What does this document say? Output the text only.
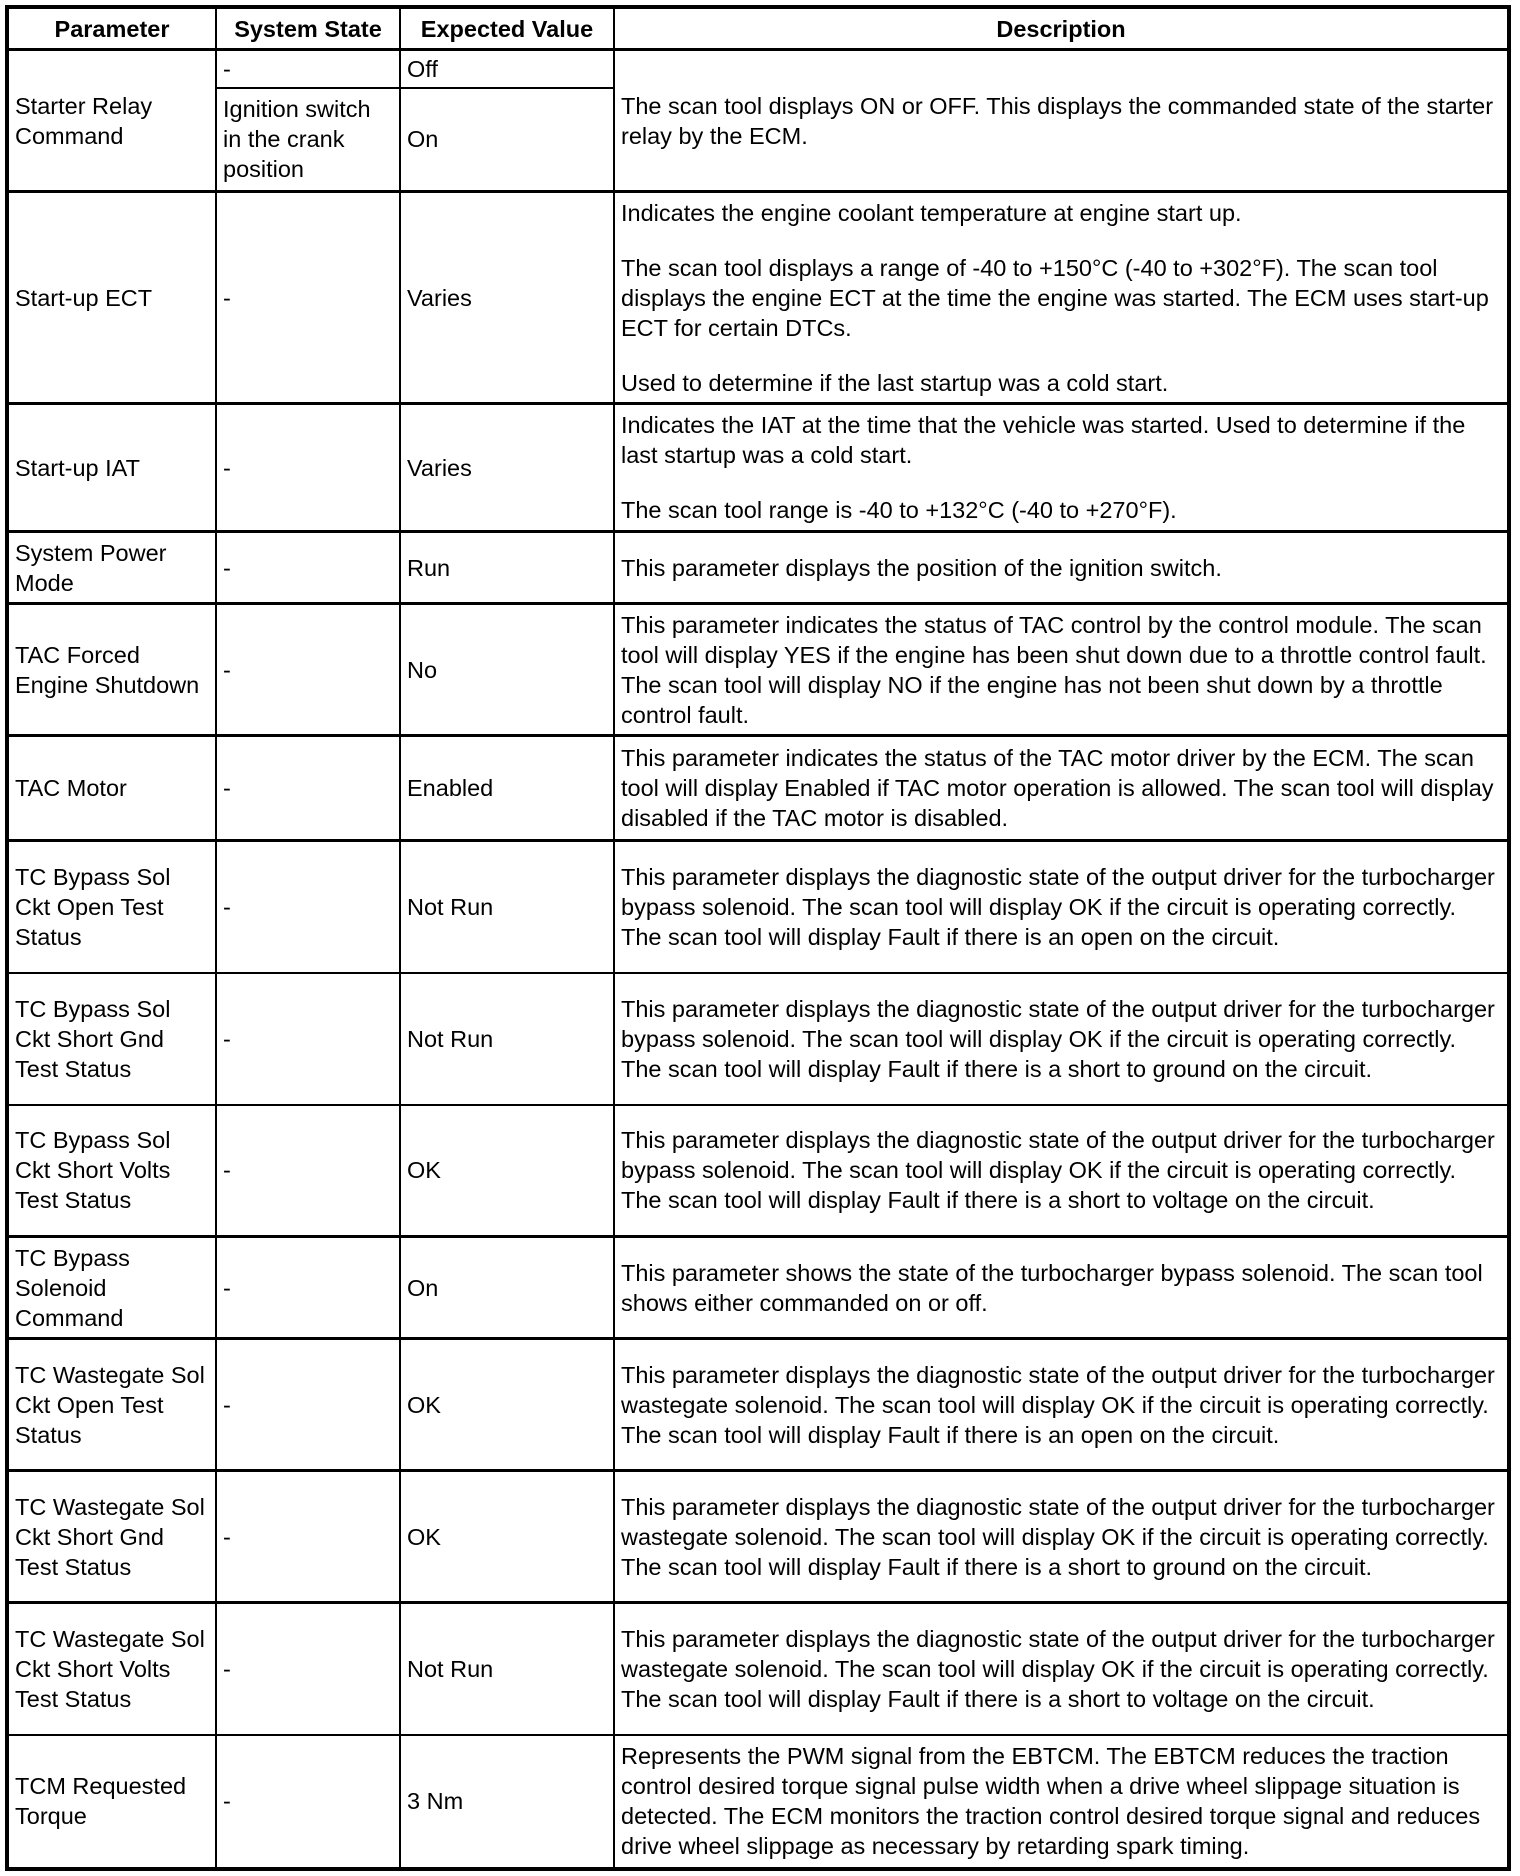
Parameter	System State	Expected Value	Description
Starter Relay Command	-	Off	The scan tool displays ON or OFF. This displays the commanded state of the starter relay by the ECM.

	Ignition switch in the crank position	On	
Start-up ECT	-	Varies	Indicates the engine coolant temperature at engine start up.

The scan tool displays a range of -40 to +150°C (-40 to +302°F). The scan tool displays the engine ECT at the time the engine was started. The ECM uses start-up ECT for certain DTCs.

Used to determine if the last startup was a cold start.

Start-up IAT	-	Varies	Indicates the IAT at the time that the vehicle was started. Used to determine if the last startup was a cold start.

The scan tool range is -40 to +132°C (-40 to +270°F).

System Power Mode	-	Run	This parameter displays the position of the ignition switch.

TAC Forced Engine Shutdown	-	No	This parameter indicates the status of TAC control by the control module. The scan tool will display YES if the engine has been shut down due to a throttle control fault. The scan tool will display NO if the engine has not been shut down by a throttle control fault.

TAC Motor	-	Enabled	This parameter indicates the status of the TAC motor driver by the ECM. The scan tool will display Enabled if TAC motor operation is allowed. The scan tool will display disabled if the TAC motor is disabled.

TC Bypass Sol Ckt Open Test Status	-	Not Run	This parameter displays the diagnostic state of the output driver for the turbocharger bypass solenoid. The scan tool will display OK if the circuit is operating correctly. The scan tool will display Fault if there is an open on the circuit.

TC Bypass Sol Ckt Short Gnd Test Status	-	Not Run	This parameter displays the diagnostic state of the output driver for the turbocharger bypass solenoid. The scan tool will display OK if the circuit is operating correctly. The scan tool will display Fault if there is a short to ground on the circuit.

TC Bypass Sol Ckt Short Volts Test Status	-	OK	This parameter displays the diagnostic state of the output driver for the turbocharger bypass solenoid. The scan tool will display OK if the circuit is operating correctly. The scan tool will display Fault if there is a short to voltage on the circuit.

TC Bypass Solenoid Command	-	On	This parameter shows the state of the turbocharger bypass solenoid. The scan tool shows either commanded on or off.

TC Wastegate Sol Ckt Open Test Status	-	OK	This parameter displays the diagnostic state of the output driver for the turbocharger wastegate solenoid. The scan tool will display OK if the circuit is operating correctly. The scan tool will display Fault if there is an open on the circuit.

TC Wastegate Sol Ckt Short Gnd Test Status	-	OK	This parameter displays the diagnostic state of the output driver for the turbocharger wastegate solenoid. The scan tool will display OK if the circuit is operating correctly. The scan tool will display Fault if there is a short to ground on the circuit.

TC Wastegate Sol Ckt Short Volts Test Status	-	Not Run	This parameter displays the diagnostic state of the output driver for the turbocharger wastegate solenoid. The scan tool will display OK if the circuit is operating correctly. The scan tool will display Fault if there is a short to voltage on the circuit.

TCM Requested Torque	-	3 Nm	Represents the PWM signal from the EBTCM. The EBTCM reduces the traction control desired torque signal pulse width when a drive wheel slippage situation is detected. The ECM monitors the traction control desired torque signal and reduces drive wheel slippage as necessary by retarding spark timing.
